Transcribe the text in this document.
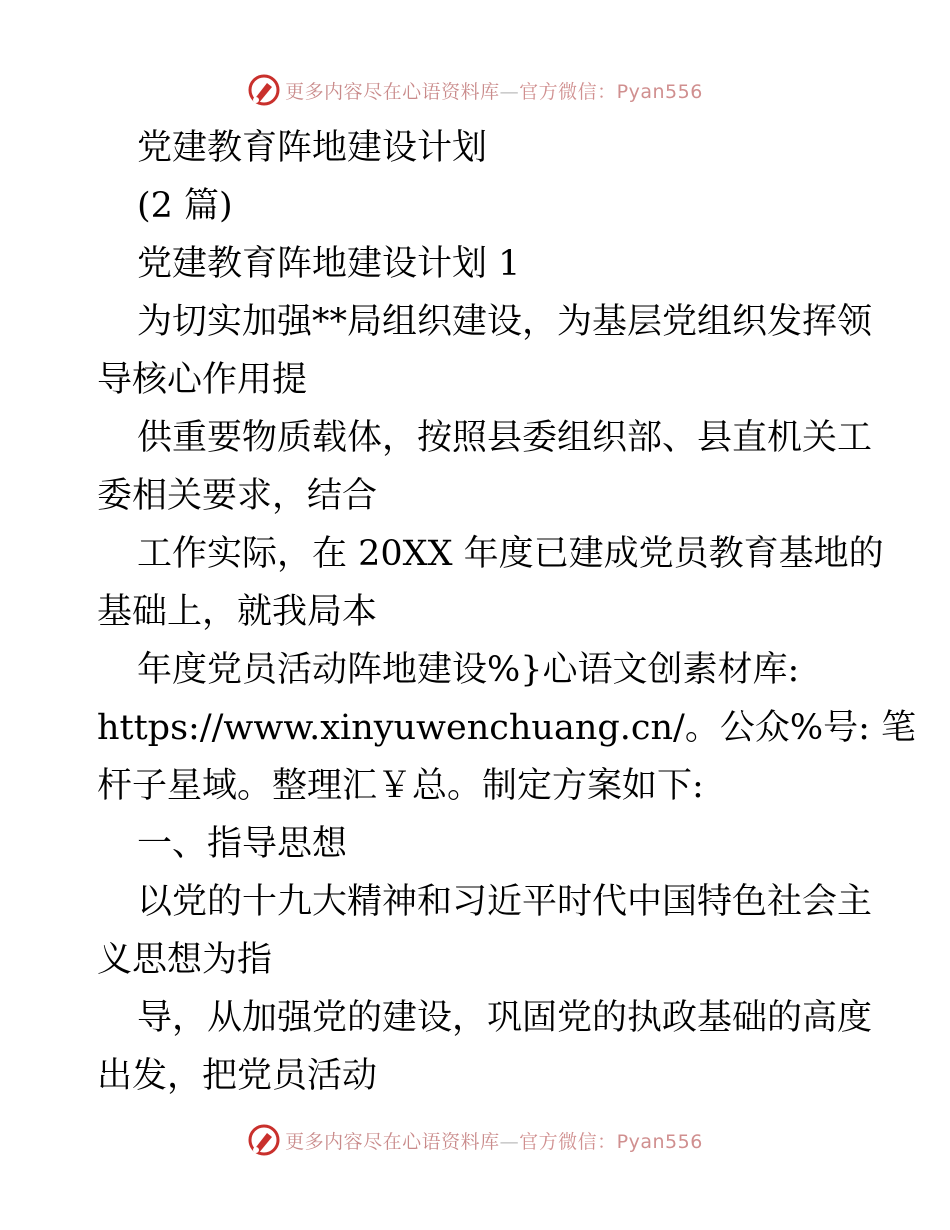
更多内容尽在心语资料库—官方微信：Pyan556
党建教育阵地建设计划
(2 篇)
党建教育阵地建设计划 1
为切实加强**局组织建设，为基层党组织发挥领
导核心作用提
供重要物质载体，按照县委组织部、县直机关工
委相关要求，结合
工作实际，在 20XX 年度已建成党员教育基地的
基础上，就我局本
年度党员活动阵地建设%}心语文创素材库:
https://www.xinyuwenchuang.cn/。公众%号: 笔
杆子星域。整理汇￥总。制定方案如下:
一、指导思想
以党的十九大精神和习近平时代中国特色社会主
义思想为指
导，从加强党的建设，巩固党的执政基础的高度
出发，把党员活动
更多内容尽在心语资料库—官方微信：Pyan556
